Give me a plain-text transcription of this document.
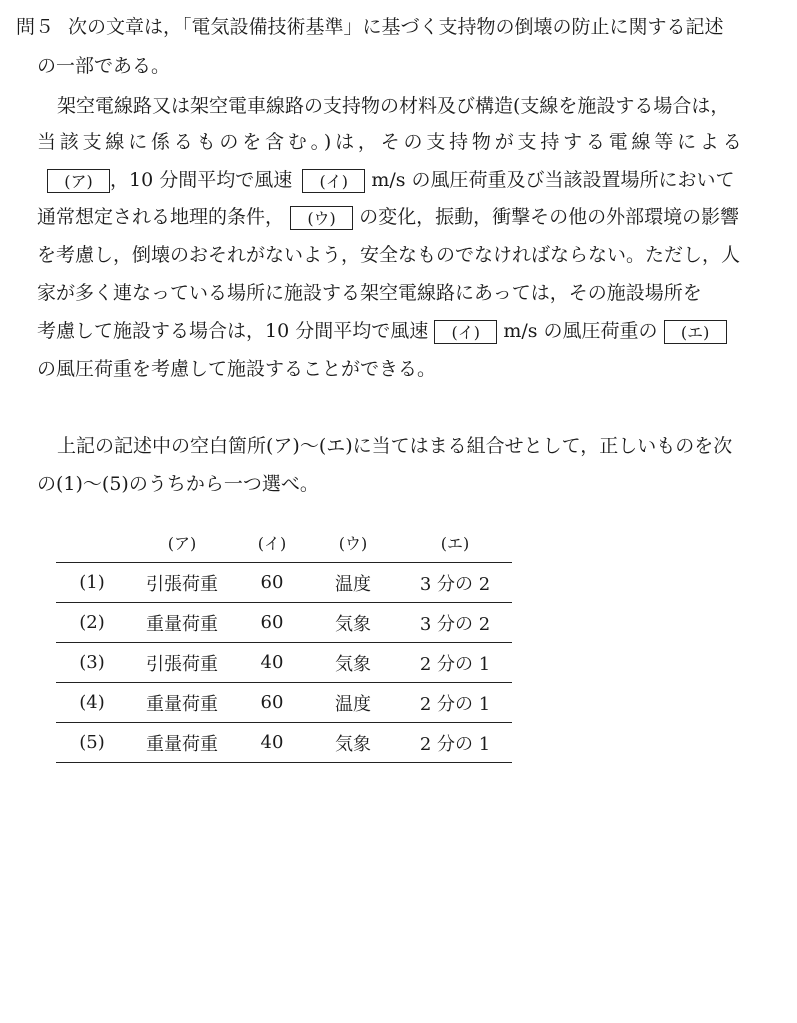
問５ 次の文章は，「電気設備技術基準」に基づく支持物の倒壊の防止に関する記述
の一部である。
架空電線路又は架空電車線路の支持物の材料及び構造(支線を施設する場合は，
当該支線に係るものを含む。)は，その支持物が支持する電線等による
(ア) ，10 分間平均で風速 (イ) m/s の風圧荷重及び当該設置場所において
通常想定される地理的条件， (ウ) の変化，振動，衝撃その他の外部環境の影響
を考慮し，倒壊のおそれがないよう，安全なものでなければならない。ただし，人
家が多く連なっている場所に施設する架空電線路にあっては，その施設場所を
考慮して施設する場合は，10 分間平均で風速 (イ) m/s の風圧荷重の (エ)
の風圧荷重を考慮して施設することができる。
上記の記述中の空白箇所(ア)～(エ)に当てはまる組合せとして，正しいものを次
の(1)～(5)のうちから一つ選べ。
	(ア)	(イ)	(ウ)	(エ)
(1)	引張荷重	60	温度	3 分の 2
(2)	重量荷重	60	気象	3 分の 2
(3)	引張荷重	40	気象	2 分の 1
(4)	重量荷重	60	温度	2 分の 1
(5)	重量荷重	40	気象	2 分の 1
